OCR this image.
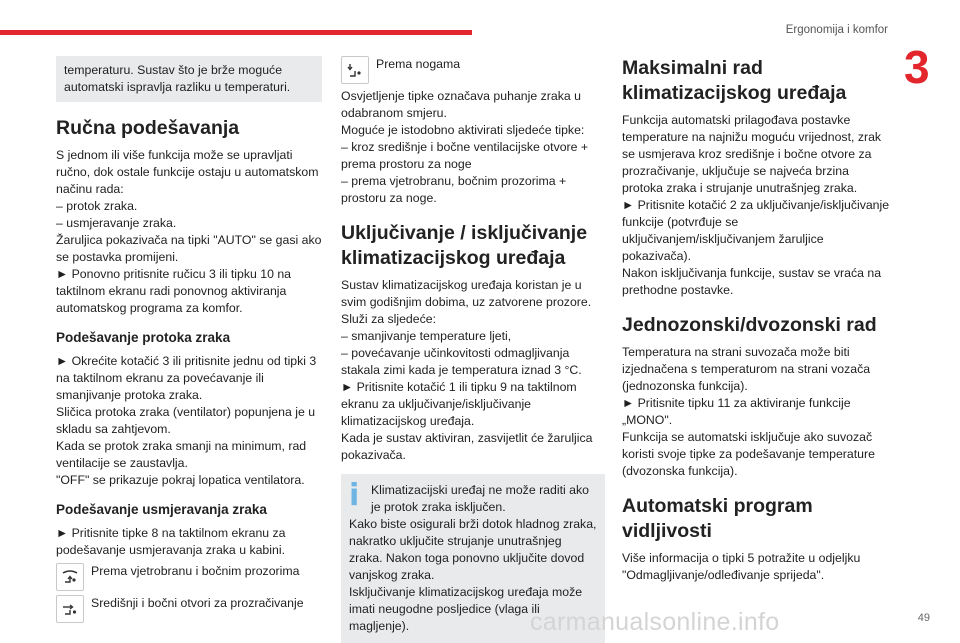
Ergonomija i komfor
3

temperaturu. Sustav što je brže moguće automatski ispravlja razliku u temperaturi.

Ručna podešavanja

S jednom ili više funkcija može se upravljati ručno, dok ostale funkcije ostaju u automatskom načinu rada:
– protok zraka.
– usmjeravanje zraka.
Žaruljica pokazivača na tipki "AUTO" se gasi ako se postavka promijeni.
► Ponovno pritisnite ručicu 3 ili tipku 10 na taktilnom ekranu radi ponovnog aktiviranja automatskog programa za komfor.

Podešavanje protoka zraka

► Okrećite kotačić 3 ili pritisnite jednu od tipki 3 na taktilnom ekranu za povećavanje ili smanjivanje protoka zraka.
Sličica protoka zraka (ventilator) popunjena je u skladu sa zahtjevom.
Kada se protok zraka smanji na minimum, rad ventilacije se zaustavlja.
"OFF" se prikazuje pokraj lopatica ventilatora.

Podešavanje usmjeravanja zraka

► Pritisnite tipke 8 na taktilnom ekranu za podešavanje usmjeravanja zraka u kabini.

Prema vjetrobranu i bočnim prozorima
Središnji i bočni otvori za prozračivanje
Prema nogama

Osvjetljenje tipke označava puhanje zraka u odabranom smjeru.
Moguće je istodobno aktivirati sljedeće tipke:
– kroz središnje i bočne ventilacijske otvore + prema prostoru za noge
– prema vjetrobranu, bočnim prozorima + prostoru za noge.

Uključivanje / isključivanje klimatizacijskog uređaja

Sustav klimatizacijskog uređaja koristan je u svim godišnjim dobima, uz zatvorene prozore.
Služi za sljedeće:
– smanjivanje temperature ljeti,
– povećavanje učinkovitosti odmagljivanja stakala zimi kada je temperatura iznad 3 °C.
► Pritisnite kotačić 1 ili tipku 9 na taktilnom ekranu za uključivanje/isključivanje klimatizacijskog uređaja.
Kada je sustav aktiviran, zasvijetlit će žaruljica pokazivača.

i Klimatizacijski uređaj ne može raditi ako je protok zraka isključen.

Kako biste osigurali brži dotok hladnog zraka, nakratko uključite strujanje unutrašnjeg zraka. Nakon toga ponovno uključite dovod vanjskog zraka.
Isključivanje klimatizacijskog uređaja može imati neugodne posljedice (vlaga ili magljenje).

Maksimalni rad klimatizacijskog uređaja

Funkcija automatski prilagođava postavke temperature na najnižu moguću vrijednost, zrak se usmjerava kroz središnje i bočne otvore za prozračivanje, uključuje se najveća brzina protoka zraka i strujanje unutrašnjeg zraka.
► Pritisnite kotačić 2 za uključivanje/isključivanje funkcije (potvrđuje se uključivanjem/isključivanjem žaruljice pokazivača).
Nakon isključivanja funkcije, sustav se vraća na prethodne postavke.

Jednozonski/dvozonski rad

Temperatura na strani suvozača može biti izjednačena s temperaturom na strani vozača (jednozonska funkcija).
► Pritisnite tipku 11 za aktiviranje funkcije „MONO".
Funkcija se automatski isključuje ako suvozač koristi svoje tipke za podešavanje temperature (dvozonska funkcija).

Automatski program vidljivosti

Više informacija o tipki 5 potražite u odjeljku "Odmagljivanje/odleđivanje sprijeda".

carmanualsonline.info	49
